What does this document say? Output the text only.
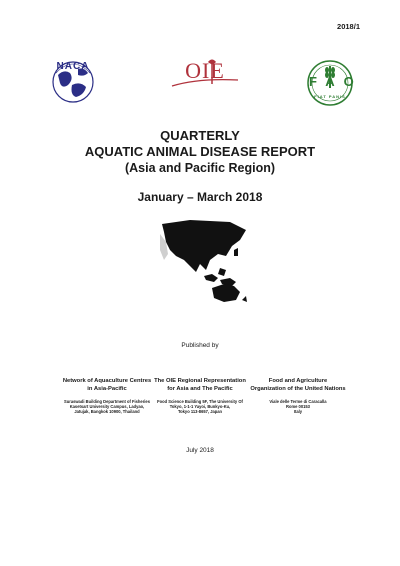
2018/1
NACA	OIE	FAO
FIAT PANIS
QUARTERLY
AQUATIC ANIMAL DISEASE REPORT
(Asia and Pacific Region)
January – March 2018
Published by
Network of Aquaculture Centres
in Asia-Pacific
Suraswadi Building Department of Fisheries
Kasetsart University Campus, Ladyao,
Jatujak, Bangkok 10900, Thailand
The OIE Regional Representation
for Asia and The Pacific
Food Science Building 5F, The University Of
Tokyo, 1-1-1 Yayoi, Bunkyo-Ku,
Tokyo 113-8657, Japan
Food and Agriculture
Organization of the United Nations
Viale delle Terme di Caracalla
Rome 00153
Italy
July 2018
